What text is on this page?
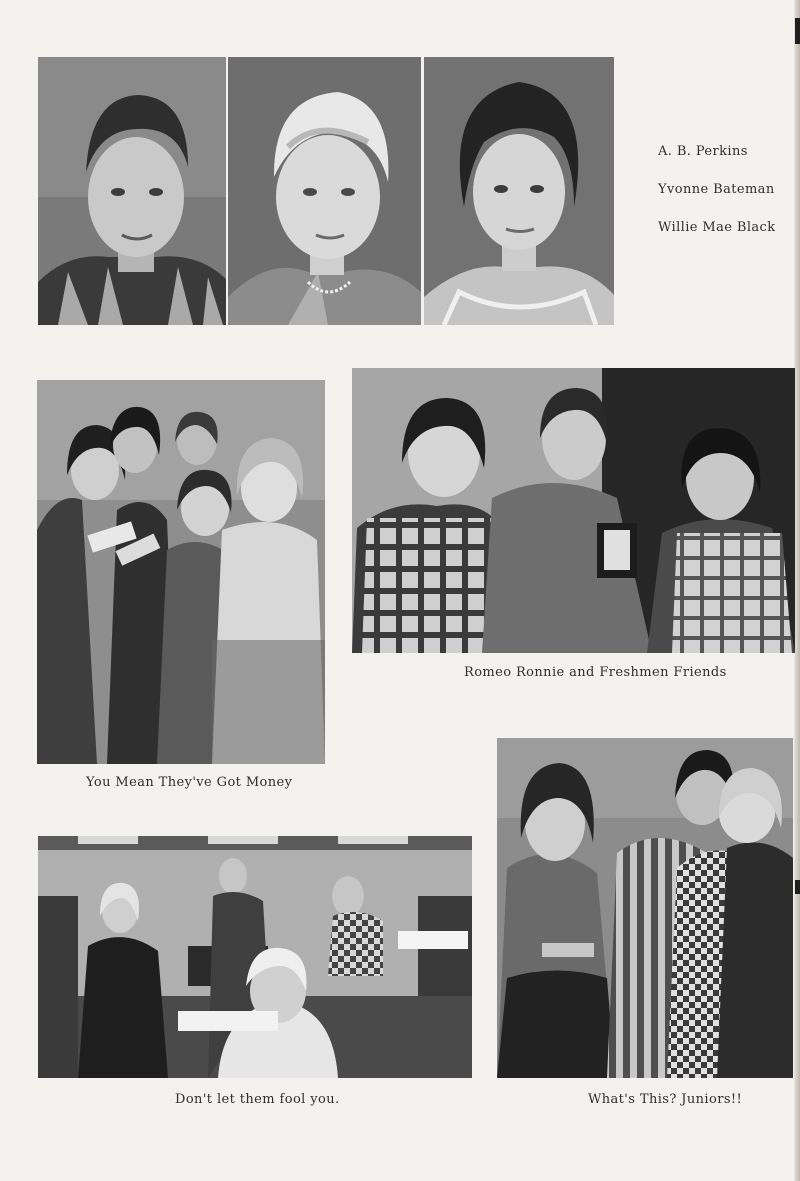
A. B. Perkins
Yvonne Bateman
Willie Mae Black
You Mean They've Got Money
Romeo Ronnie and Freshmen Friends
Don't let them fool you.	What's This? Juniors!!
